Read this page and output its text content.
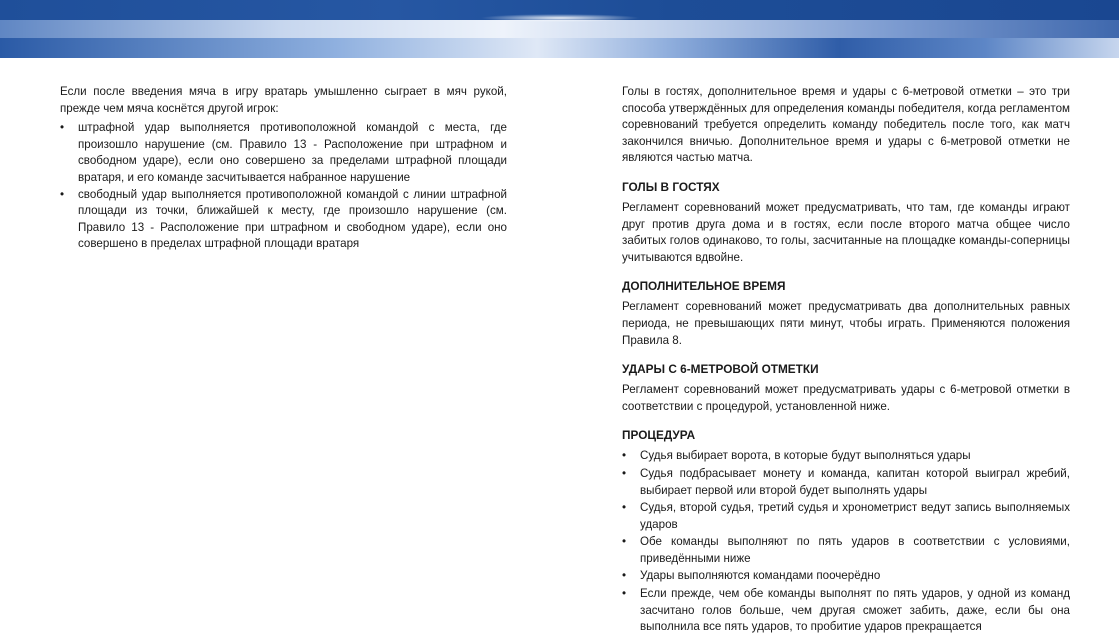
Если после введения мяча в игру вратарь умышленно сыграет в мяч рукой, прежде чем мяча коснётся другой игрок:

•	штрафной удар выполняется противоположной командой с места, где произошло нарушение (см. Правило 13 - Расположение при штрафном и свободном ударе), если оно совершено за пределами штрафной площади вратаря, и его команде засчитывается набранное нарушение
•	свободный удар выполняется противоположной командой с линии штрафной площади из точки, ближайшей к месту, где произошло нарушение (см. Правило 13 - Расположение при штрафном и свободном ударе), если оно совершено в пределах штрафной площади вратаря

Голы в гостях, дополнительное время и удары с 6-метровой отметки – это три способа утверждённых для определения команды победителя, когда регламентом соревнований требуется определить команду победитель после того, как матч закончился вничью. Дополнительное время и удары с 6-метровой отметки не являются частью матча.

ГОЛЫ В ГОСТЯХ

Регламент соревнований может предусматривать, что там, где команды играют друг против друга дома и в гостях, если после второго матча общее число забитых голов одинаково, то голы, засчитанные на площадке команды-соперницы учитываются вдвойне.

ДОПОЛНИТЕЛЬНОЕ ВРЕМЯ

Регламент соревнований может предусматривать два дополнительных равных периода, не превышающих пяти минут, чтобы играть. Применяются положения Правила 8.

УДАРЫ С 6-МЕТРОВОЙ ОТМЕТКИ

Регламент соревнований может предусматривать удары с 6-метровой отметки в соответствии с процедурой, установленной ниже.

ПРОЦЕДУРА
•	Судья выбирает ворота, в которые будут выполняться удары
•	Судья подбрасывает монету и команда, капитан которой выиграл жребий, выбирает первой или второй будет выполнять удары
•	Судья, второй судья, третий судья и хронометрист ведут запись выполняемых ударов
•	Обе команды выполняют по пять ударов в соответствии с условиями, приведёнными ниже
•	Удары выполняются командами поочерёдно
•	Если прежде, чем обе команды выполнят по пять ударов, у одной из команд засчитано голов больше, чем другая сможет забить, даже, если бы она выполнила все пять ударов, то пробитие ударов прекращается
